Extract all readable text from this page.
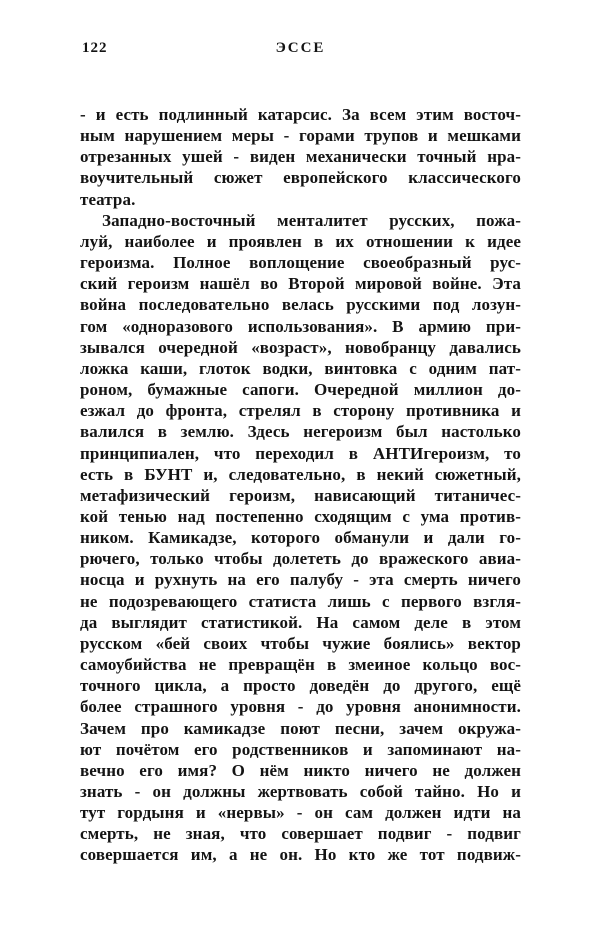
122	ЭССЕ
- и есть подлинный катарсис. За всем этим восточ-
ным нарушением меры - горами трупов и мешками
отрезанных ушей - виден механически точный нра-
воучительный сюжет европейского классического
театра.
Западно-восточный менталитет русских, пожа-
луй, наиболее и проявлен в их отношении к идее
героизма. Полное воплощение своеобразный рус-
ский героизм нашёл во Второй мировой войне. Эта
война последовательно велась русскими под лозун-
гом «одноразового использования». В армию при-
зывался очередной «возраст», новобранцу давались
ложка каши, глоток водки, винтовка с одним пат-
роном, бумажные сапоги. Очередной миллион до-
езжал до фронта, стрелял в сторону противника и
валился в землю. Здесь негероизм был настолько
принципиален, что переходил в АНТИгероизм, то
есть в БУНТ и, следовательно, в некий сюжетный,
метафизический героизм, нависающий титаничес-
кой тенью над постепенно сходящим с ума против-
ником. Камикадзе, которого обманули и дали го-
рючего, только чтобы долететь до вражеского авиа-
носца и рухнуть на его палубу - эта смерть ничего
не подозревающего статиста лишь с первого взгля-
да выглядит статистикой. На самом деле в этом
русском «бей своих чтобы чужие боялись» вектор
самоубийства не превращён в змеиное кольцо вос-
точного цикла, а просто доведён до другого, ещё
более страшного уровня - до уровня анонимности.
Зачем про камикадзе поют песни, зачем окружа-
ют почётом его родственников и запоминают на-
вечно его имя? О нём никто ничего не должен
знать - он должны жертвовать собой тайно. Но и
тут гордыня и «нервы» - он сам должен идти на
смерть, не зная, что совершает подвиг - подвиг
совершается им, а не он. Но кто же тот подвиж-
